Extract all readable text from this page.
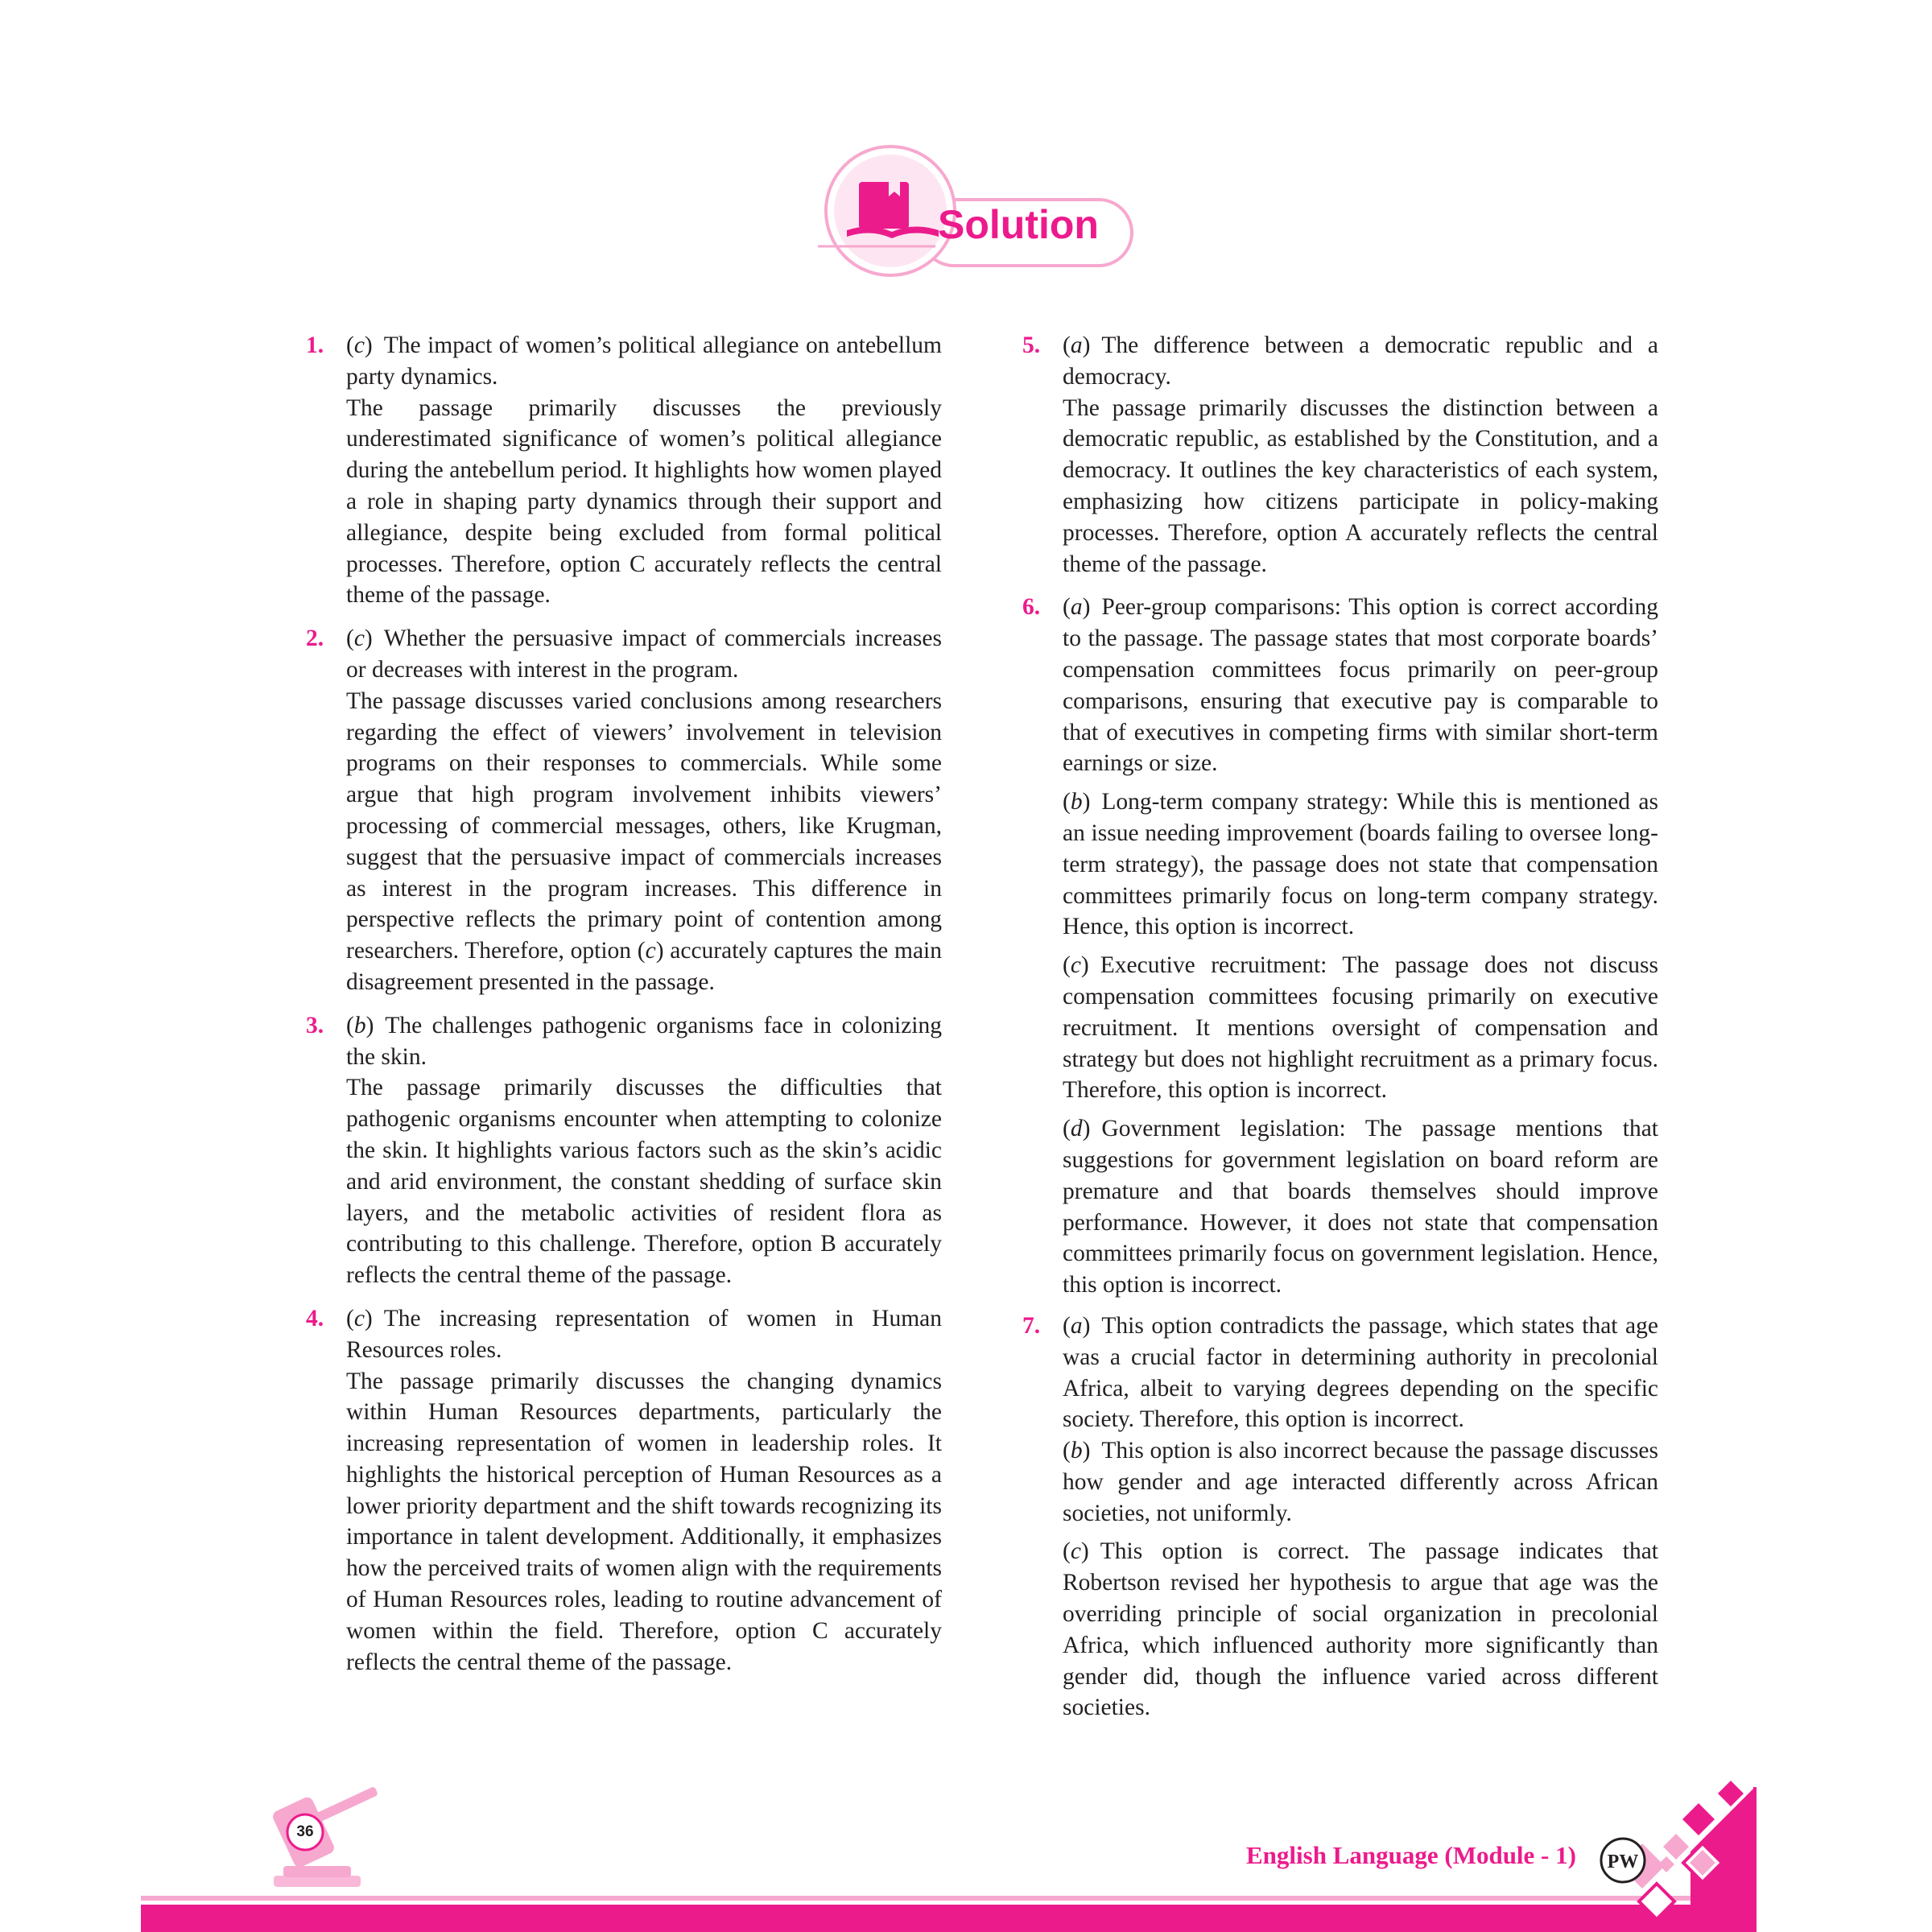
Solution
1. (c) The impact of women’s political allegiance on antebellum party dynamics.
The passage primarily discusses the previously underestimated significance of women’s political allegiance during the antebellum period. It highlights how women played a role in shaping party dynamics through their support and allegiance, despite being excluded from formal political processes. Therefore, option C accurately reflects the central theme of the passage.
2. (c) Whether the persuasive impact of commercials increases or decreases with interest in the program.
The passage discusses varied conclusions among researchers regarding the effect of viewers’ involvement in television programs on their responses to commercials. While some argue that high program involvement inhibits viewers’ processing of commercial messages, others, like Krugman, suggest that the persuasive impact of commercials increases as interest in the program increases. This difference in perspective reflects the primary point of contention among researchers. Therefore, option (c) accurately captures the main disagreement presented in the passage.
3. (b) The challenges pathogenic organisms face in colonizing the skin.
The passage primarily discusses the difficulties that pathogenic organisms encounter when attempting to colonize the skin. It highlights various factors such as the skin’s acidic and arid environment, the constant shedding of surface skin layers, and the metabolic activities of resident flora as contributing to this challenge. Therefore, option B accurately reflects the central theme of the passage.
4. (c) The increasing representation of women in Human Resources roles.
The passage primarily discusses the changing dynamics within Human Resources departments, particularly the increasing representation of women in leadership roles. It highlights the historical perception of Human Resources as a lower priority department and the shift towards recognizing its importance in talent development. Additionally, it emphasizes how the perceived traits of women align with the requirements of Human Resources roles, leading to routine advancement of women within the field. Therefore, option C accurately reflects the central theme of the passage.
5. (a) The difference between a democratic republic and a democracy.
The passage primarily discusses the distinction between a democratic republic, as established by the Constitution, and a democracy. It outlines the key characteristics of each system, emphasizing how citizens participate in policy-making processes. Therefore, option A accurately reflects the central theme of the passage.
6. (a) Peer-group comparisons: This option is correct according to the passage. The passage states that most corporate boards’ compensation committees focus primarily on peer-group comparisons, ensuring that executive pay is comparable to that of executives in competing firms with similar short-term earnings or size.
(b) Long-term company strategy: While this is mentioned as an issue needing improvement (boards failing to oversee long-term strategy), the passage does not state that compensation committees primarily focus on long-term company strategy. Hence, this option is incorrect.
(c) Executive recruitment: The passage does not discuss compensation committees focusing primarily on executive recruitment. It mentions oversight of compensation and strategy but does not highlight recruitment as a primary focus. Therefore, this option is incorrect.
(d) Government legislation: The passage mentions that suggestions for government legislation on board reform are premature and that boards themselves should improve performance. However, it does not state that compensation committees primarily focus on government legislation. Hence, this option is incorrect.
7. (a) This option contradicts the passage, which states that age was a crucial factor in determining authority in precolonial Africa, albeit to varying degrees depending on the specific society. Therefore, this option is incorrect.
(b) This option is also incorrect because the passage discusses how gender and age interacted differently across African societies, not uniformly.
(c) This option is correct. The passage indicates that Robertson revised her hypothesis to argue that age was the overriding principle of social organization in precolonial Africa, which influenced authority more significantly than gender did, though the influence varied across different societies.
36
English Language (Module - 1) PW
